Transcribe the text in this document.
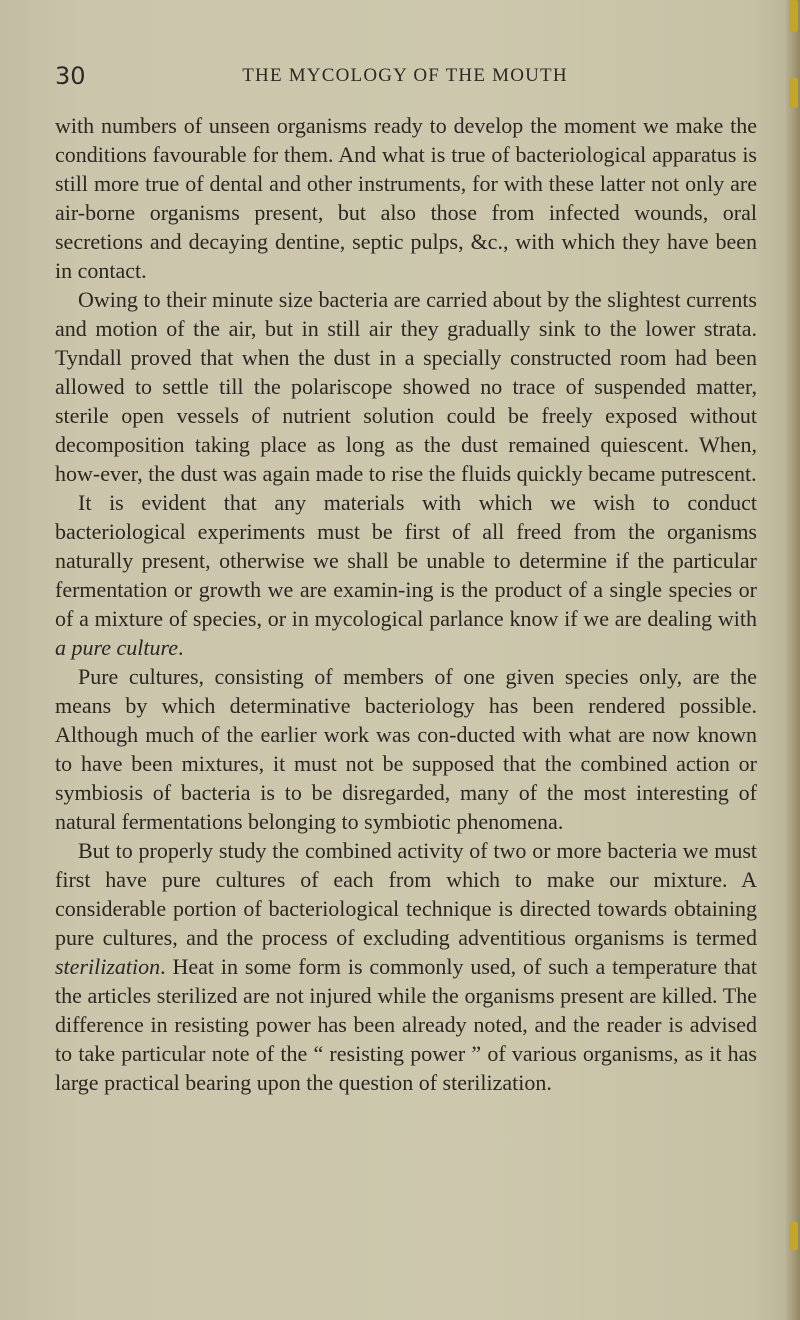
30	THE MYCOLOGY OF THE MOUTH

with numbers of unseen organisms ready to develop the moment we make the conditions favourable for them. And what is true of bacteriological apparatus is still more true of dental and other instruments, for with these latter not only are air-borne organisms present, but also those from infected wounds, oral secretions and decaying dentine, septic pulps, &c., with which they have been in contact.

Owing to their minute size bacteria are carried about by the slightest currents and motion of the air, but in still air they gradually sink to the lower strata. Tyndall proved that when the dust in a specially constructed room had been allowed to settle till the polariscope showed no trace of suspended matter, sterile open vessels of nutrient solution could be freely exposed without decomposition taking place as long as the dust remained quiescent. When, how-ever, the dust was again made to rise the fluids quickly became putrescent.

It is evident that any materials with which we wish to conduct bacteriological experiments must be first of all freed from the organisms naturally present, otherwise we shall be unable to determine if the particular fermentation or growth we are examin-ing is the product of a single species or of a mixture of species, or in mycological parlance know if we are dealing with a pure culture.

Pure cultures, consisting of members of one given species only, are the means by which determinative bacteriology has been rendered possible. Although much of the earlier work was con-ducted with what are now known to have been mixtures, it must not be supposed that the combined action or symbiosis of bacteria is to be disregarded, many of the most interesting of natural fermentations belonging to symbiotic phenomena.

But to properly study the combined activity of two or more bacteria we must first have pure cultures of each from which to make our mixture. A considerable portion of bacteriological technique is directed towards obtaining pure cultures, and the process of excluding adventitious organisms is termed sterilization. Heat in some form is commonly used, of such a temperature that the articles sterilized are not injured while the organisms present are killed. The difference in resisting power has been already noted, and the reader is advised to take particular note of the “ resisting power ” of various organisms, as it has large practical bearing upon the question of sterilization.
